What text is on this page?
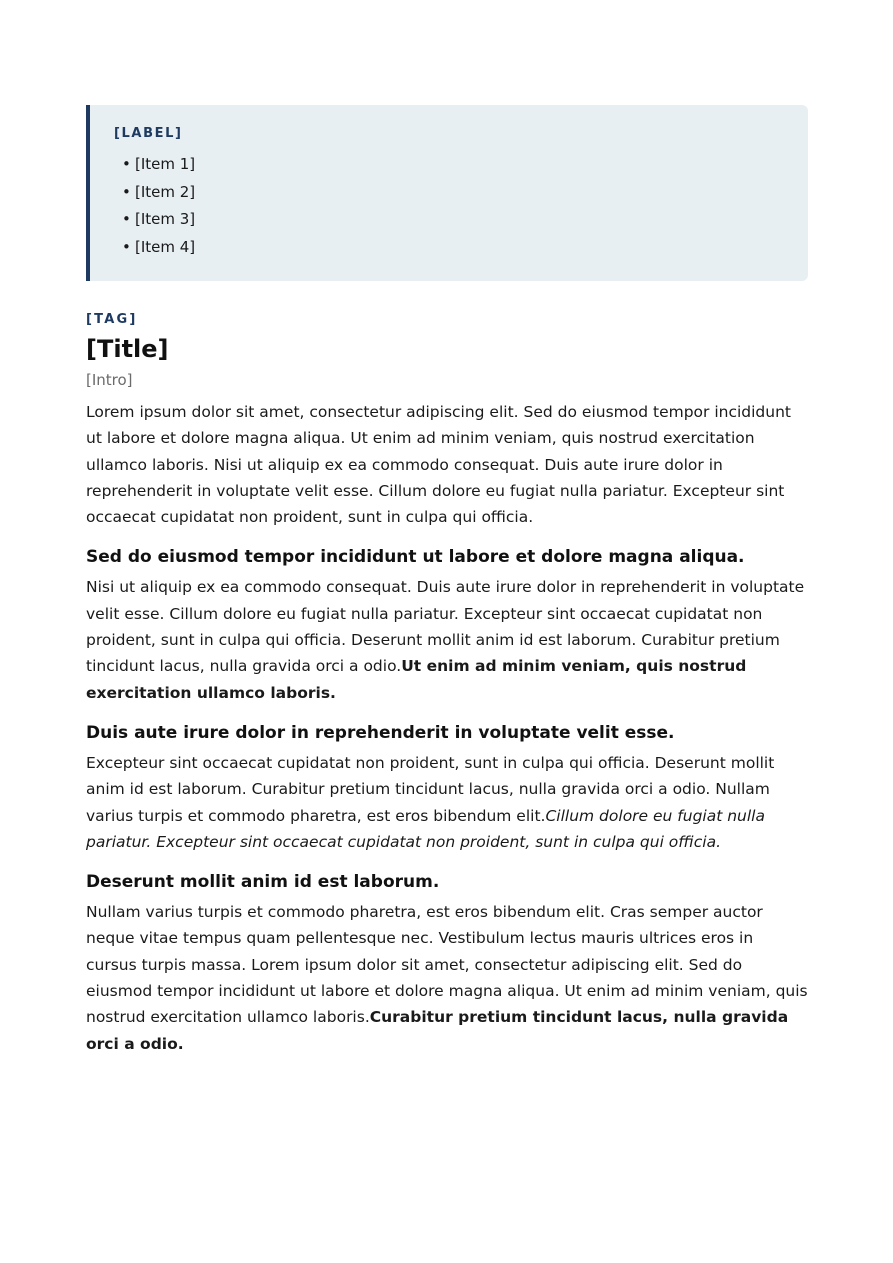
[LABEL]
• [Item 1]
• [Item 2]
• [Item 3]
• [Item 4]
[TAG]
[Title]
[Intro]

Lorem ipsum dolor sit amet, consectetur adipiscing elit. Sed do eiusmod tempor incididunt ut labore et dolore magna aliqua. Ut enim ad minim veniam, quis nostrud exercitation ullamco laboris. Nisi ut aliquip ex ea commodo consequat. Duis aute irure dolor in reprehenderit in voluptate velit esse. Cillum dolore eu fugiat nulla pariatur. Excepteur sint occaecat cupidatat non proident, sunt in culpa qui officia.

Sed do eiusmod tempor incididunt ut labore et dolore magna aliqua.

Nisi ut aliquip ex ea commodo consequat. Duis aute irure dolor in reprehenderit in voluptate velit esse. Cillum dolore eu fugiat nulla pariatur. Excepteur sint occaecat cupidatat non proident, sunt in culpa qui officia. Deserunt mollit anim id est laborum. Curabitur pretium tincidunt lacus, nulla gravida orci a odio.Ut enim ad minim veniam, quis nostrud exercitation ullamco laboris.

Duis aute irure dolor in reprehenderit in voluptate velit esse.

Excepteur sint occaecat cupidatat non proident, sunt in culpa qui officia. Deserunt mollit anim id est laborum. Curabitur pretium tincidunt lacus, nulla gravida orci a odio. Nullam varius turpis et commodo pharetra, est eros bibendum elit.Cillum dolore eu fugiat nulla pariatur. Excepteur sint occaecat cupidatat non proident, sunt in culpa qui officia.

Deserunt mollit anim id est laborum.

Nullam varius turpis et commodo pharetra, est eros bibendum elit. Cras semper auctor neque vitae tempus quam pellentesque nec. Vestibulum lectus mauris ultrices eros in cursus turpis massa. Lorem ipsum dolor sit amet, consectetur adipiscing elit. Sed do eiusmod tempor incididunt ut labore et dolore magna aliqua. Ut enim ad minim veniam, quis nostrud exercitation ullamco laboris.Curabitur pretium tincidunt lacus, nulla gravida orci a odio.
